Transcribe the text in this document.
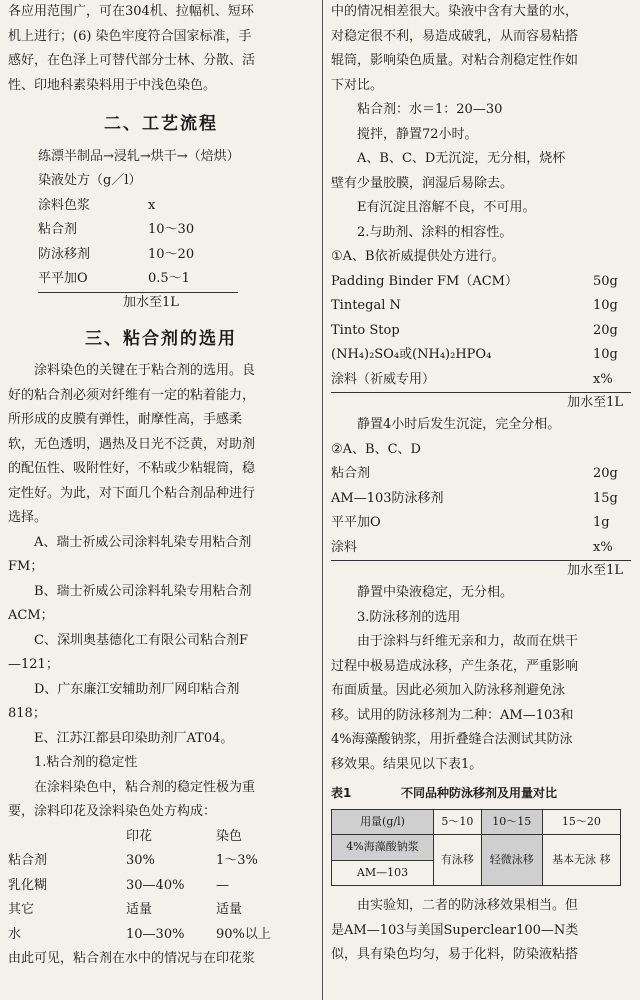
各应用范围广，可在304机、拉幅机、短环

机上进行；(6) 染色牢度符合国家标准，手

感好，在色泽上可替代部分士林、分散、活

性、印地科素染料用于中浅色染色。

二、工艺流程

练漂半制品→浸轧→烘干→（焙烘）

染液处方（g／l）

涂料色浆	x
粘合剂	10～30
防泳移剂	10～20
平平加O	0.5～1

加水至1L

三、粘合剂的选用

涂料染色的关键在于粘合剂的选用。良

好的粘合剂必须对纤维有一定的粘着能力，

所形成的皮膜有弹性，耐摩性高，手感柔

软，无色透明，遇热及日光不泛黄，对助剂

的配伍性、吸附性好，不粘或少粘辊筒，稳

定性好。为此，对下面几个粘合剂品种进行

选择。

A、瑞士祈威公司涂料轧染专用粘合剂

FM；

B、瑞士祈威公司涂料轧染专用粘合剂

ACM；

C、深圳奥基德化工有限公司粘合剂F

—121；

D、广东廉江安辅助剂厂网印粘合剂

818；

E、江苏江都县印染助剂厂AT04。

1.粘合剂的稳定性

在涂料染色中，粘合剂的稳定性极为重

要，涂料印花及涂料染色处方构成：

印花	染色
粘合剂	30%	1～3%
乳化糊	30—40%	—
其它	适量	适量
水	10—30%	90%以上

由此可见，粘合剂在水中的情况与在印花浆

中的情况相差很大。染液中含有大量的水，

对稳定很不利，易造成破乳，从而容易粘搭

辊筒，影响染色质量。对粘合剂稳定性作如

下对比。

粘合剂：水＝1：20—30

搅拌，静置72小时。

A、B、C、D无沉淀，无分相，烧杯

壁有少量胶膜，润湿后易除去。

E有沉淀且溶解不良，不可用。

2.与助剂、涂料的相容性。

①A、B依祈威提供处方进行。

Padding Binder FM（ACM）	50g
Tintegal N	10g
Tinto Stop	20g
(NH₄)₂SO₄或(NH₄)₂HPO₄	10g
涂料（祈威专用）	x%

加水至1L

静置4小时后发生沉淀，完全分相。

②A、B、C、D

粘合剂	20g
AM—103防泳移剂	15g
平平加O	1g
涂料	x%

加水至1L

静置中染液稳定，无分相。

3.防泳移剂的选用

由于涂料与纤维无亲和力，故而在烘干

过程中极易造成泳移，产生条花，严重影响

布面质量。因此必须加入防泳移剂避免泳

移。试用的防泳移剂为二种：AM—103和

4%海藻酸钠浆，用折叠缝合法测试其防泳

移效果。结果见以下表1。

表1	不同品种防泳移剂及用量对比
用量(g/l)	5～10	10～15	15～20
4%海藻酸钠浆	有泳移	轻微泳移	基本无泳 移
AM—103			

由实验知，二者的防泳移效果相当。但

是AM—103与美国Superclear100—N类

似，具有染色均匀，易于化料，防染液粘搭
